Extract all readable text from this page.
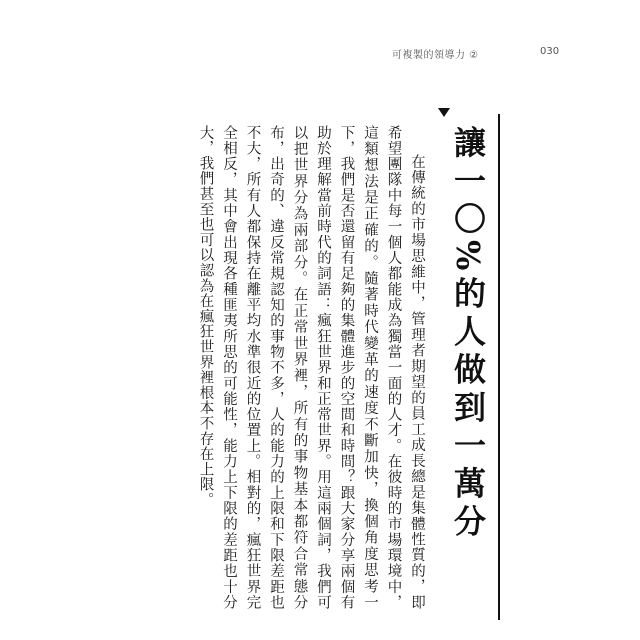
可複製的領導力 ②	030
讓一〇%的人做到一萬分

在傳統的市場思維中，管理者期望的員工成長總是集體性質的，即希望團隊中每一個人都能成為獨當一面的人才。在彼時的市場環境中，這類想法是正確的。隨著時代變革的速度不斷加快，換個角度思考一下，我們是否還留有足夠的集體進步的空間和時間？跟大家分享兩個有助於理解當前時代的詞語：瘋狂世界和正常世界。用這兩個詞，我們可以把世界分為兩部分。在正常世界裡，所有的事物基本都符合常態分布，出奇的、違反常規認知的事物不多，人的能力的上限和下限差距也不大，所有人都保持在離平均水準很近的位置上。相對的，瘋狂世界完全相反，其中會出現各種匪夷所思的可能性，能力上下限的差距也十分大，我們甚至也可以認為在瘋狂世界裡根本不存在上限。
